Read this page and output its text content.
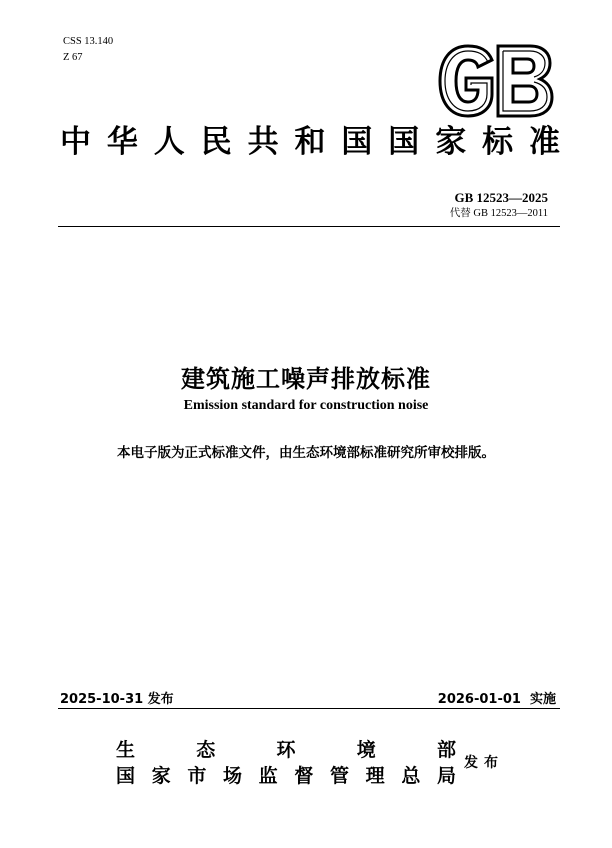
CSS 13.140
Z 67
中华人民共和国国家标准
GB 12523—2025
代替 GB 12523—2011
建筑施工噪声排放标准
Emission standard for construction noise
本电子版为正式标准文件，由生态环境部标准研究所审校排版。
2025-10-31 发布	2026-01-01  实施
生态环境部
国家市场监督管理总局
发布
